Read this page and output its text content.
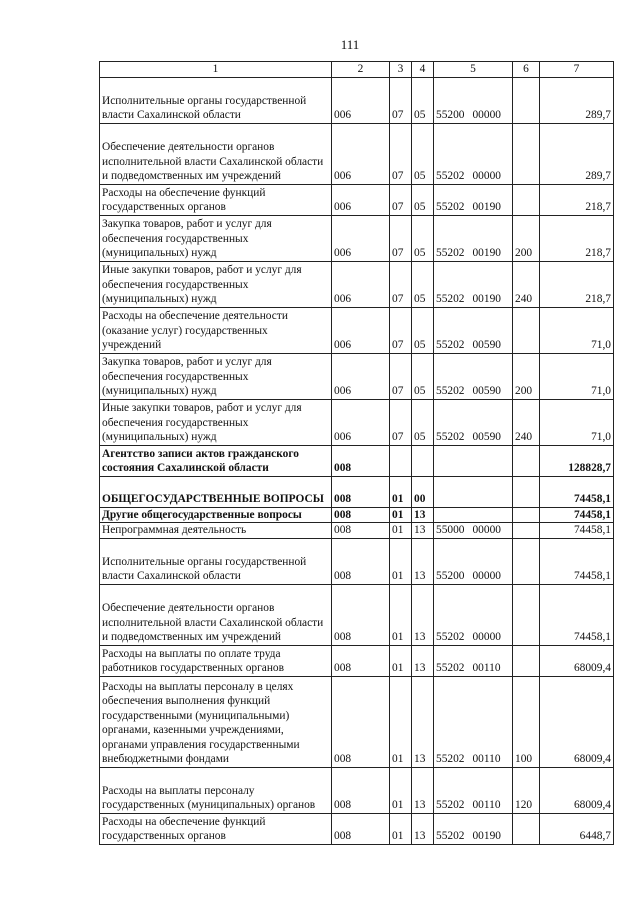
111
1	2	3	4	5	6	7
Исполнительные органы государственной власти Сахалинской области	006	07	05	55200 00000		289,7
Обеспечение деятельности органов исполнительной власти Сахалинской области и подведомственных им учреждений	006	07	05	55202 00000		289,7
Расходы на обеспечение функций государственных органов	006	07	05	55202 00190		218,7
Закупка товаров, работ и услуг для обеспечения государственных (муниципальных) нужд	006	07	05	55202 00190	200	218,7
Иные закупки товаров, работ и услуг для обеспечения государственных (муниципальных) нужд	006	07	05	55202 00190	240	218,7
Расходы на обеспечение деятельности (оказание услуг) государственных учреждений	006	07	05	55202 00590		71,0
Закупка товаров, работ и услуг для обеспечения государственных (муниципальных) нужд	006	07	05	55202 00590	200	71,0
Иные закупки товаров, работ и услуг для обеспечения государственных (муниципальных) нужд	006	07	05	55202 00590	240	71,0
Агентство записи актов гражданского состояния Сахалинской области	008					128828,7
ОБЩЕГОСУДАРСТВЕННЫЕ ВОПРОСЫ	008	01	00			74458,1
Другие общегосударственные вопросы	008	01	13			74458,1
Непрограммная деятельность	008	01	13	55000 00000		74458,1
Исполнительные органы государственной власти Сахалинской области	008	01	13	55200 00000		74458,1
Обеспечение деятельности органов исполнительной власти Сахалинской области и подведомственных им учреждений	008	01	13	55202 00000		74458,1
Расходы на выплаты по оплате труда работников государственных органов	008	01	13	55202 00110		68009,4
Расходы на выплаты персоналу в целях обеспечения выполнения функций государственными (муниципальными) органами, казенными учреждениями, органами управления государственными внебюджетными фондами	008	01	13	55202 00110	100	68009,4
Расходы на выплаты персоналу государственных (муниципальных) органов	008	01	13	55202 00110	120	68009,4
Расходы на обеспечение функций государственных органов	008	01	13	55202 00190		6448,7
